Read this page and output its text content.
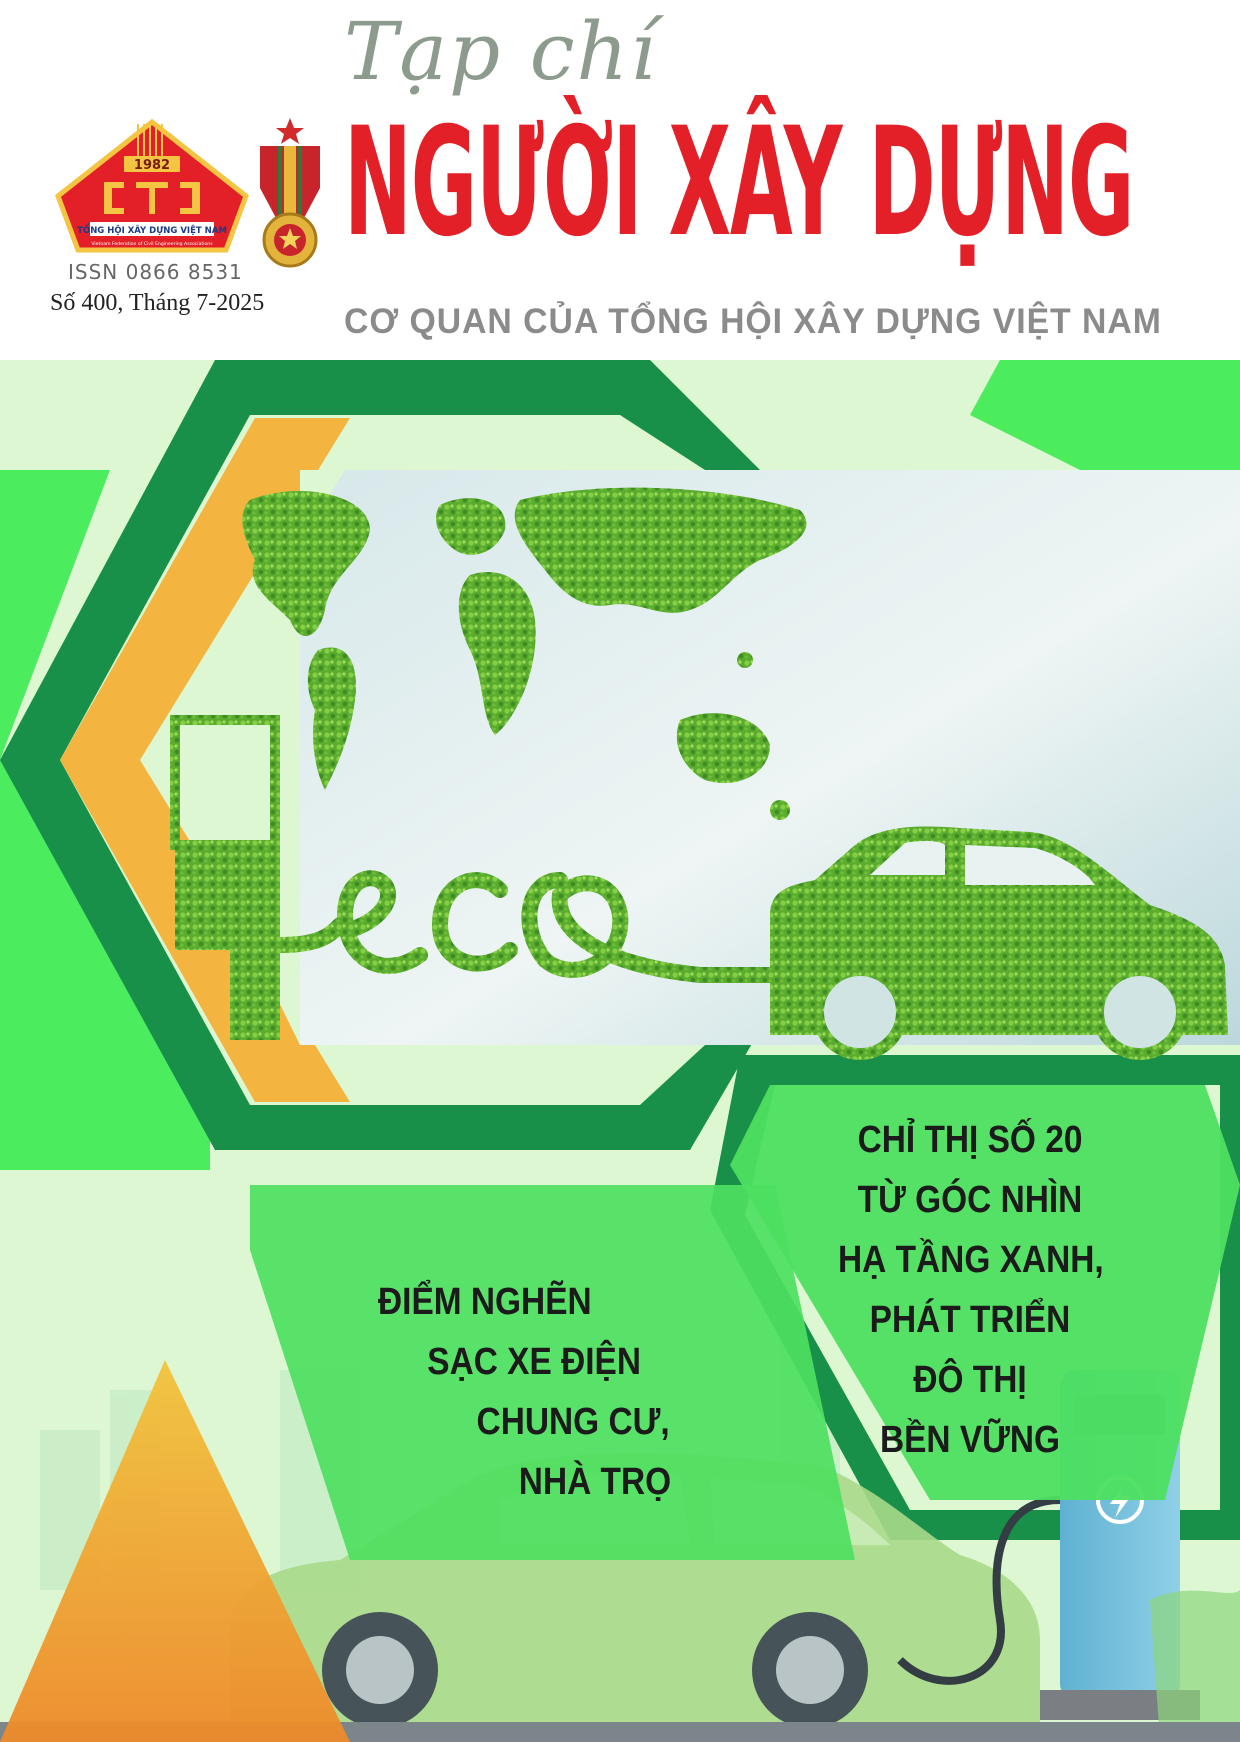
1982
TỔNG HỘI XÂY DỰNG VIỆT NAM
Vietnam Federation of Civil Engineering Associations
ISSN 0866 8531
Số 400, Tháng 7-2025
Tạp chí
NGƯỜI XÂY DỰNG
CƠ QUAN CỦA TỔNG HỘI XÂY DỰNG VIỆT NAM
CHỈ THỊ SỐ 20
TỪ GÓC NHÌN
HẠ TẦNG XANH,
PHÁT TRIỂN
ĐÔ THỊ
BỀN VỮNG
ĐIỂM NGHẼN
SẠC XE ĐIỆN
CHUNG CƯ,
NHÀ TRỌ
